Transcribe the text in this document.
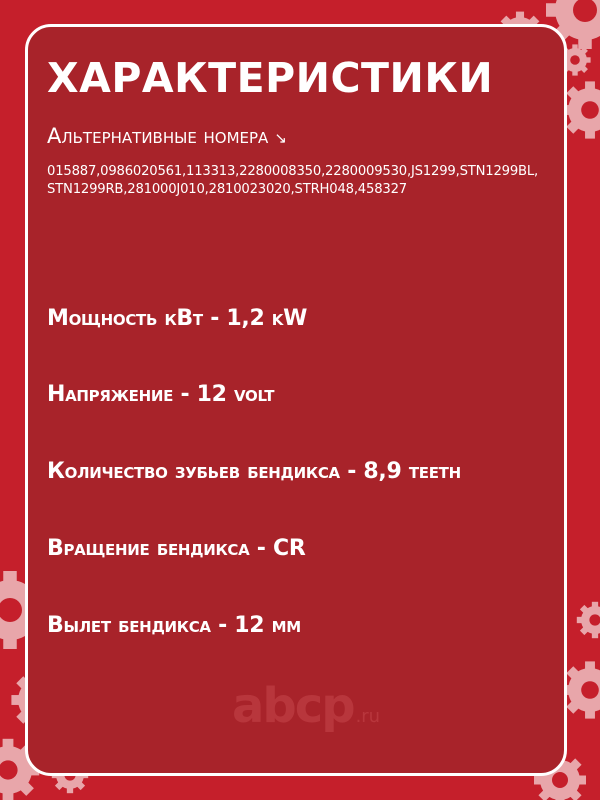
ХАРАКТЕРИСТИКИ
Альтернативные номера ↘
015887,0986020561,113313,2280008350,2280009530,JS1299,STN1299BL,
STN1299RB,281000J010,2810023020,STRH048,458327
Мощность кВт - 1,2 kW
Напряжение - 12 volt
Количество зубьев бендикса - 8,9 teeth
Вращение бендикса - CR
Вылет бендикса - 12 мм
abcp .ru
